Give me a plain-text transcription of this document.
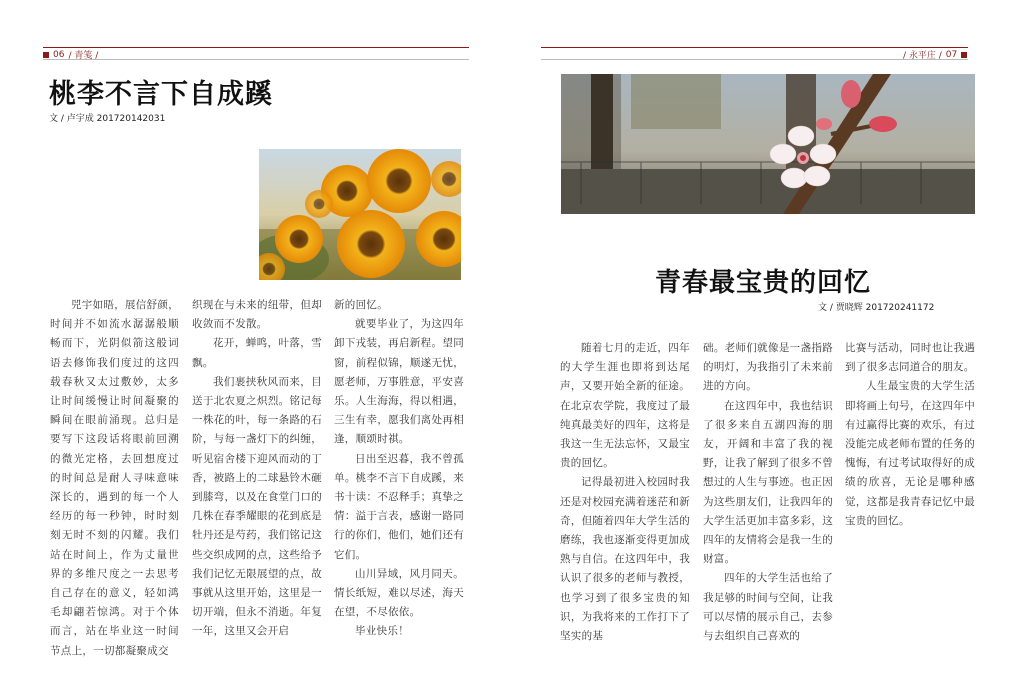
06 / 青笺 /
桃李不言下自成蹊
文 / 卢宇成 201720142031

兕宇如晤，展信舒颜，时间并不如流水潺潺般顺畅而下，光阴似箭这般词语去修饰我们度过的这四载春秋又太过敷妙，太多让时间缓慢让时间凝聚的瞬间在眼前涌现。总归是要写下这段话将眼前回溯的微光定格，去回想度过的时间总是耐人寻味意味深长的，遇到的每一个人经历的每一秒钟，时时刻刻无时不刻的闪耀。我们站在时间上，作为丈量世界的多维尺度之一去思考自己存在的意义，轻如鸿毛却翩若惊鸿。对于个体而言，站在毕业这一时间节点上，一切都凝聚成交

织现在与未来的纽带，但却收敛而不发散。

花开，蝉鸣，叶落，雪飘。

我们裹挟秋风而来，目送于北农夏之炽烈。铭记每一株花的叶，每一条路的石阶，与每一盏灯下的纠缠，听见宿舍楼下迎风而动的丁香，被路上的二球悬铃木砸到膝弯，以及在食堂门口的几株在春季耀眼的花到底是牡丹还是芍药，我们铭记这些交织成网的点，这些给予我们记忆无限展望的点，故事就从这里开始，这里是一切开端，但永不消逝。年复一年，这里又会开启

新的回忆。

就要毕业了，为这四年卸下戎装，再启新程。望同窗，前程似锦，顺遂无忧，愿老师，万事胜意，平安喜乐。人生海海，得以相遇，三生有幸，愿我们离处再相逢，顺颂时祺。

日出至迟暮，我不曾孤单。桃李不言下自成蹊，来书十读：不忍释手；真挚之情：溢于言表，感谢一路同行的你们，他们，她们还有它们。

山川异域，风月同天。情长纸短，难以尽述，海天在望，不尽依依。

毕业快乐！

/ 永平庄 / 07
青春最宝贵的回忆
文 / 贾晓辉 201720241172

随着七月的走近，四年的大学生涯也即将到达尾声，又要开始全新的征途。在北京农学院，我度过了最纯真最美好的四年，这将是我这一生无法忘怀，又最宝贵的回忆。

记得最初进入校园时我还是对校园充满着迷茫和新奇，但随着四年大学生活的磨练，我也逐渐变得更加成熟与自信。在这四年中，我认识了很多的老师与教授，也学习到了很多宝贵的知识，为我将来的工作打下了坚实的基

础。老师们就像是一盏指路的明灯，为我指引了未来前进的方向。

在这四年中，我也结识了很多来自五湖四海的朋友，开阔和丰富了我的视野，让我了解到了很多不曾想过的人生与事迹。也正因为这些朋友们，让我四年的大学生活更加丰富多彩，这四年的友情将会是我一生的财富。

四年的大学生活也给了我足够的时间与空间，让我可以尽情的展示自己，去参与去组织自己喜欢的

比赛与活动，同时也让我遇到了很多志同道合的朋友。

人生最宝贵的大学生活即将画上句号，在这四年中有过赢得比赛的欢乐，有过没能完成老师布置的任务的愧悔，有过考试取得好的成绩的欣喜，无论是哪种感觉，这都是我青春记忆中最宝贵的回忆。
